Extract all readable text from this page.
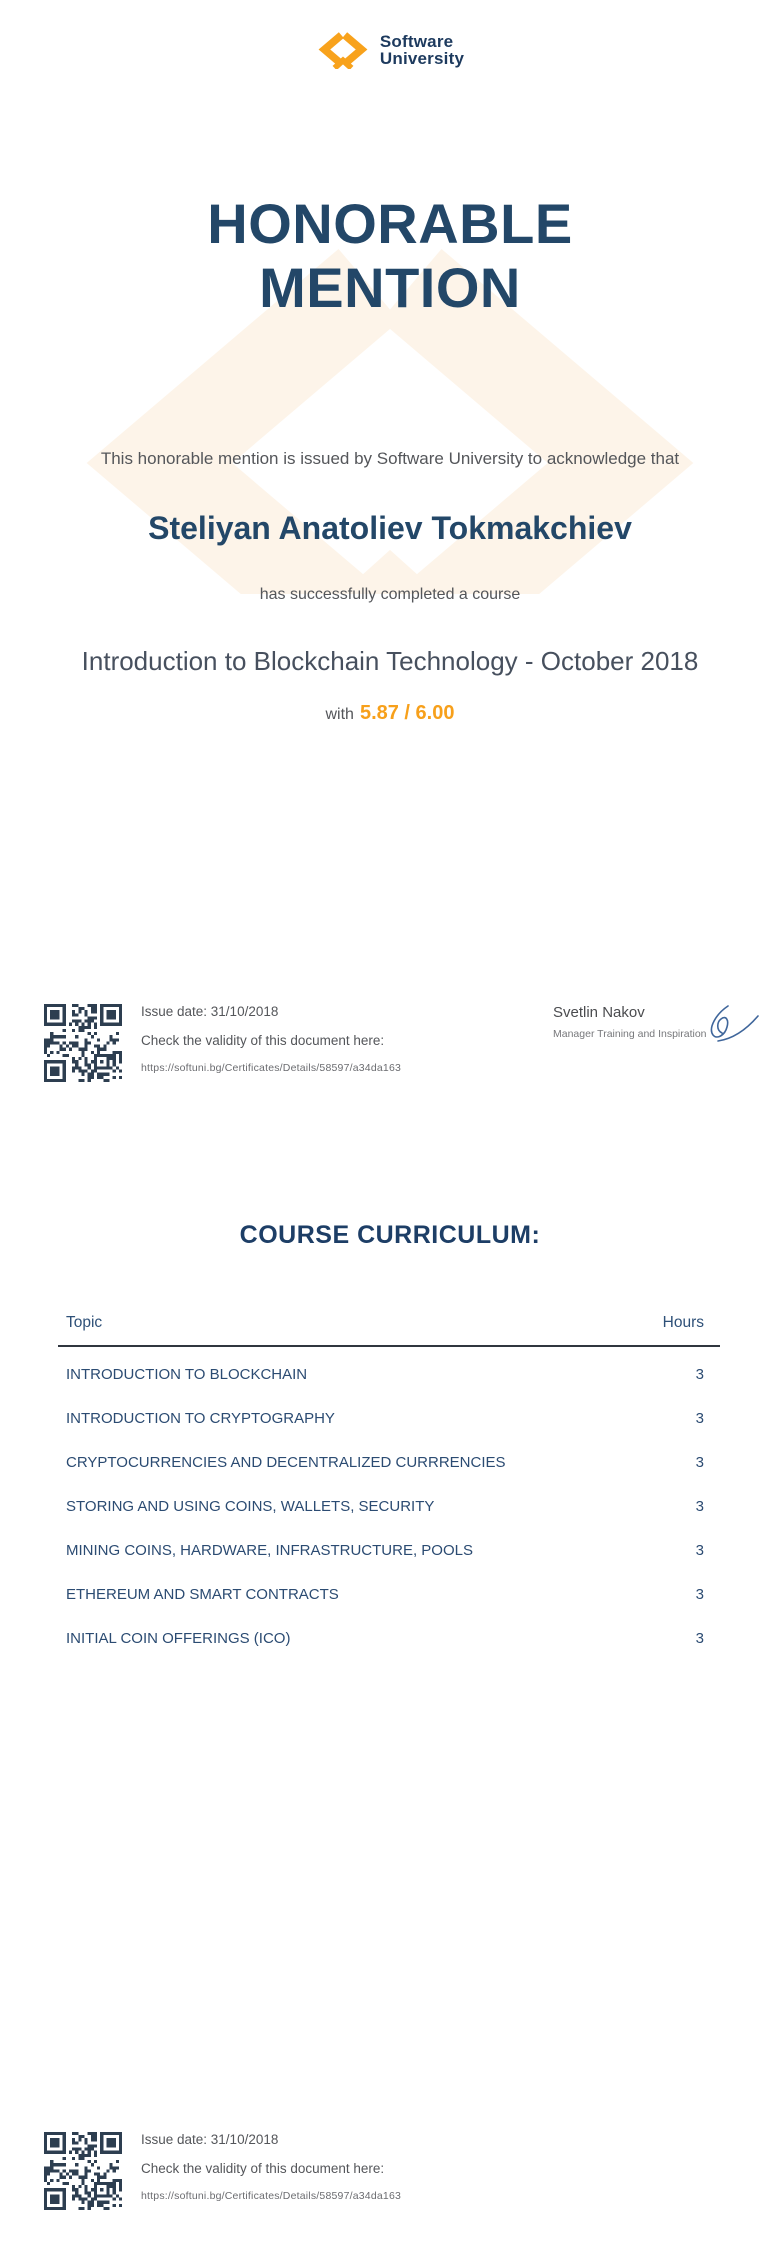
Software
University
HONORABLE MENTION

This honorable mention is issued by Software University to acknowledge that

Steliyan Anatoliev Tokmakchiev

has successfully completed a course

Introduction to Blockchain Technology - October 2018

with 5.87 / 6.00

Issue date: 31/10/2018
Check the validity of this document here:
https://softuni.bg/Certificates/Details/58597/a34da163
Svetlin Nakov
Manager Training and Inspiration
COURSE CURRICULUM:
Topic	Hours
INTRODUCTION TO BLOCKCHAIN	3
INTRODUCTION TO CRYPTOGRAPHY	3
CRYPTOCURRENCIES AND DECENTRALIZED CURRRENCIES	3
STORING AND USING COINS, WALLETS, SECURITY	3
MINING COINS, HARDWARE, INFRASTRUCTURE, POOLS	3
ETHEREUM AND SMART CONTRACTS	3
INITIAL COIN OFFERINGS (ICO)	3
Issue date: 31/10/2018
Check the validity of this document here:
https://softuni.bg/Certificates/Details/58597/a34da163
